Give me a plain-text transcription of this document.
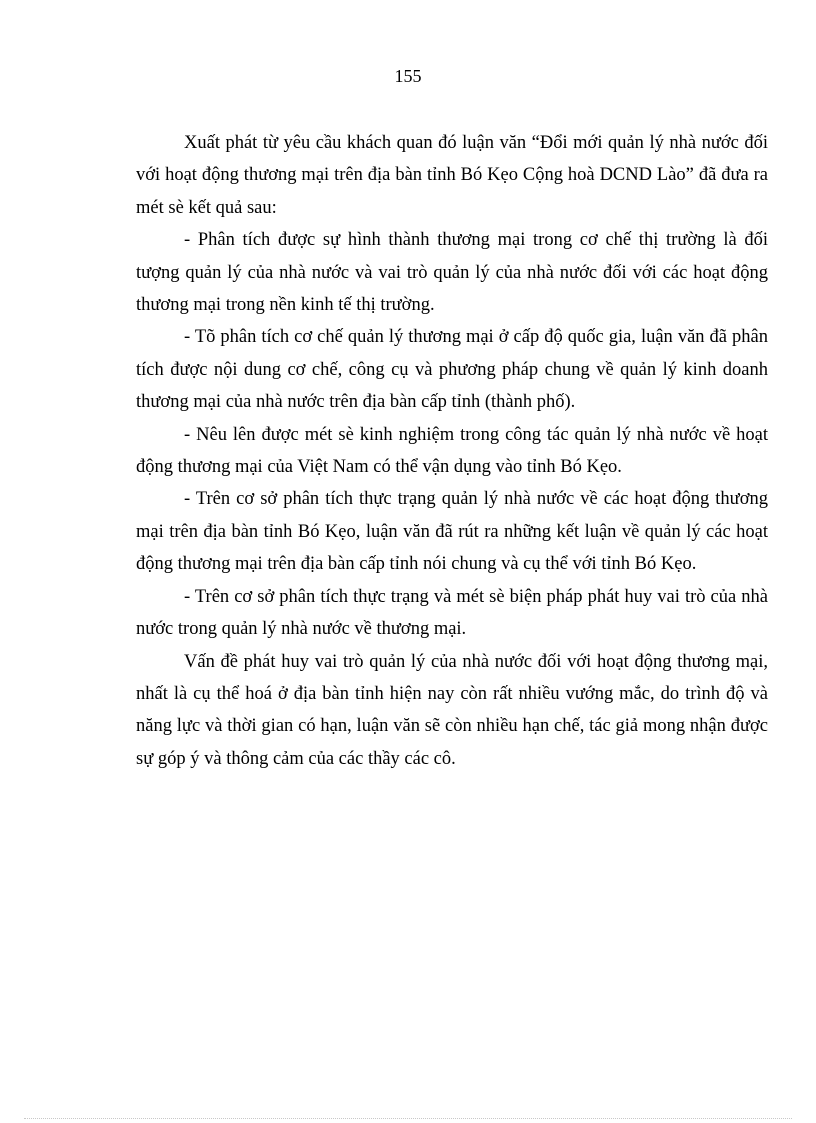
155

Xuất phát từ yêu cầu khách quan đó luận văn “Đổi mới quản lý nhà nước đối với hoạt động thương mại trên địa bàn tỉnh Bó Kẹo Cộng hoà DCND Lào” đã đưa ra mét sè kết quả sau:

- Phân tích được sự hình thành thương mại trong cơ chế thị trường là đối tượng quản lý của nhà nước và vai trò quản lý của nhà nước đối với các hoạt động thương mại trong nền kinh tế thị trường.

- Tõ phân tích cơ chế quản lý thương mại ở cấp độ quốc gia, luận văn đã phân tích được nội dung cơ chế, công cụ và phương pháp chung về quản lý kinh doanh thương mại của nhà nước trên địa bàn cấp tỉnh (thành phố).

- Nêu lên được mét sè kinh nghiệm trong công tác quản lý nhà nước về hoạt động thương mại của Việt Nam có thể vận dụng vào tỉnh Bó Kẹo.

- Trên cơ sở phân tích thực trạng quản lý nhà nước về các hoạt động thương mại trên địa bàn tỉnh Bó Kẹo, luận văn đã rút ra những kết luận về quản lý các hoạt động thương mại trên địa bàn cấp tỉnh nói chung và cụ thể với tỉnh Bó Kẹo.

- Trên cơ sở phân tích thực trạng và mét sè biện pháp phát huy vai trò của nhà nước trong quản lý nhà nước về thương mại.

Vấn đề phát huy vai trò quản lý của nhà nước đối với hoạt động thương mại, nhất là cụ thể hoá ở địa bàn tỉnh hiện nay còn rất nhiều vướng mắc, do trình độ và năng lực và thời gian có hạn, luận văn sẽ còn nhiều hạn chế, tác giả mong nhận được sự góp ý và thông cảm của các thầy các cô.
